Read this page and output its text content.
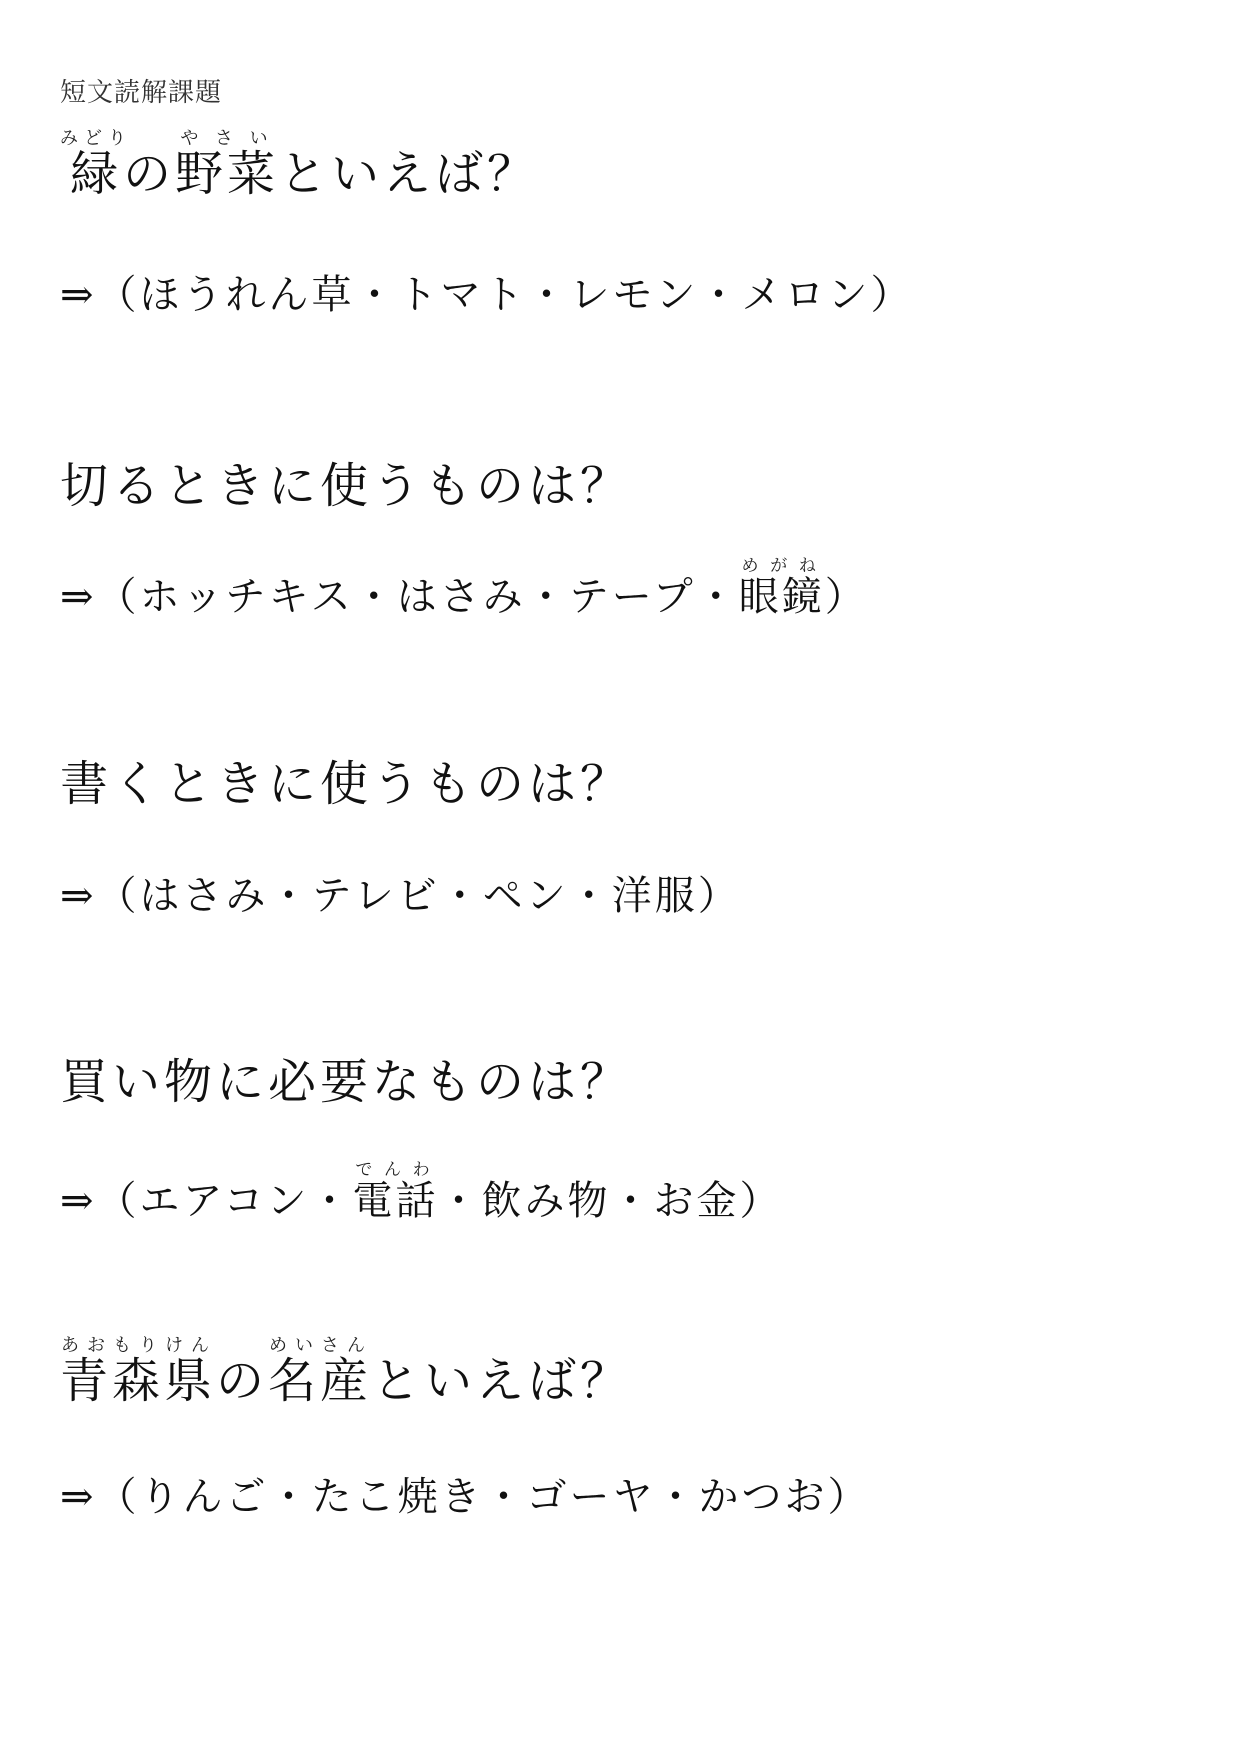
短文読解課題
緑みどりの野菜やさいといえば？
⇒（ほうれん草・トマト・レモン・メロン）
切るときに使うものは？
⇒（ホッチキス・はさみ・テープ・眼鏡めがね）
書くときに使うものは？
⇒（はさみ・テレビ・ペン・洋服）
買い物に必要なものは？
⇒（エアコン・電話でんわ・飲み物・お金）
青森県あおもりけんの名産めいさんといえば？
⇒（りんご・たこ焼き・ゴーヤ・かつお）
